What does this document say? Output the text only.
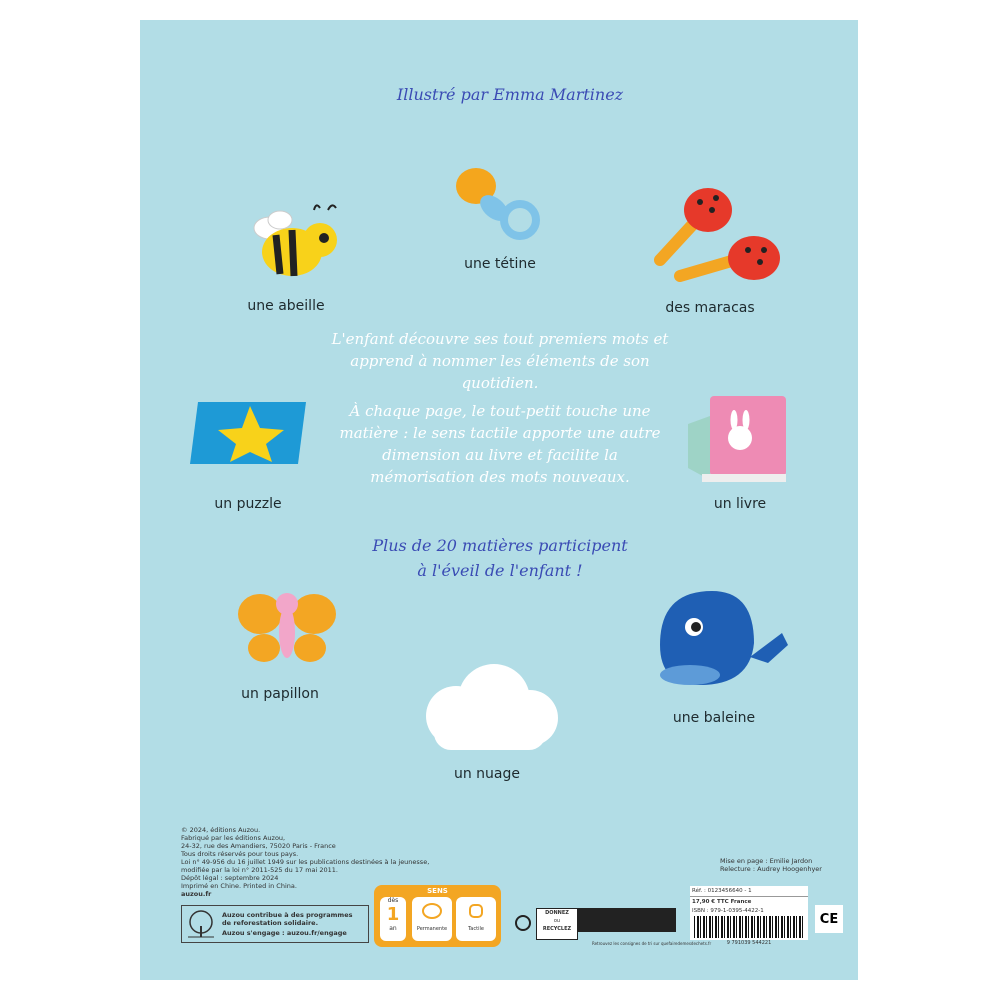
Illustré par Emma Martinez
une abeille
une tétine
des maracas
un puzzle	un livre
un papillon
un nuage
une baleine

L'enfant découvre ses tout premiers mots et apprend à nommer les éléments de son quotidien.

À chaque page, le tout-petit touche une matière : le sens tactile apporte une autre dimension au livre et facilite la mémorisation des mots nouveaux.

Plus de 20 matières participent
à l'éveil de l'enfant !
© 2024, éditions Auzou.
Fabriqué par les éditions Auzou,
24-32, rue des Amandiers, 75020 Paris - France
Tous droits réservés pour tous pays.
Loi n° 49-956 du 16 juillet 1949 sur les publications destinées à la jeunesse,
modifiée par la loi n° 2011-525 du 17 mai 2011.
Dépôt légal : septembre 2024
Imprimé en Chine. Printed in China.
auzou.fr
Auzou contribue à des programmes
de reforestation solidaire.
Auzou s'engage : auzou.fr/engage
SENS
dès
1
an	Permanente	Tactile
DONNEZ
ou
RECYCLEZ
Retrouvez les consignes de tri sur quefairedemesdechets.fr
Mise en page : Emilie Jardon
Relecture : Audrey Hoogenhyer
Réf. : 0123456640 - 1
17,90 € TTC France
ISBN : 979-1-0395-4422-1
9 791039 544221
CE
